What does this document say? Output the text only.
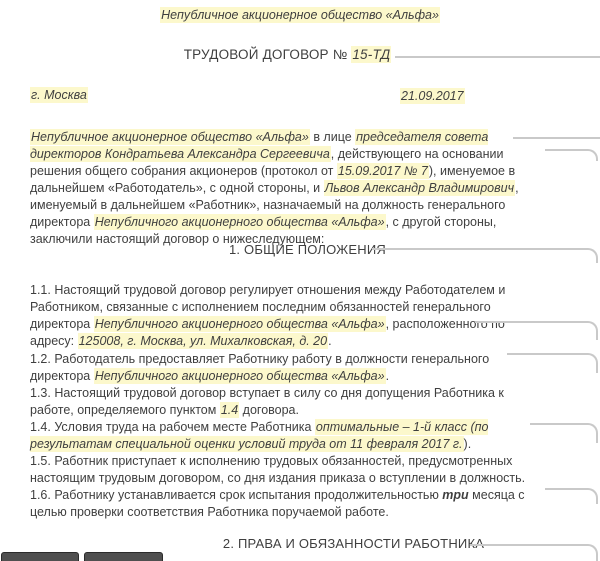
Непубличное акционерное общество «Альфа»
ТРУДОВОЙ ДОГОВОР № 15-ТД
г. Москва	21.09.2017
Непубличное акционерное общество «Альфа» в лице председателя совета директоров Кондратьева Александра Сергеевича, действующего на основании решения общего собрания акционеров (протокол от 15.09.2017 № 7), именуемое в дальнейшем «Работодатель», с одной стороны, и Львов Александр Владимирович, именуемый в дальнейшем «Работник», назначаемый на должность генерального директора Непубличного акционерного общества «Альфа», с другой стороны, заключили настоящий договор о нижеследующем:
1. ОБЩИЕ ПОЛОЖЕНИЯ
1.1. Настоящий трудовой договор регулирует отношения между Работодателем и Работником, связанные с исполнением последним обязанностей генерального директора Непубличного акционерного общества «Альфа», расположенного по адресу: 125008, г. Москва, ул. Михалковская, д. 20.
1.2. Работодатель предоставляет Работнику работу в должности генерального директора Непубличного акционерного общества «Альфа».
1.3. Настоящий трудовой договор вступает в силу со дня допущения Работника к работе, определяемого пунктом 1.4 договора.
1.4. Условия труда на рабочем месте Работника оптимальные – 1-й класс (по результатам специальной оценки условий труда от 11 февраля 2017 г.).
1.5. Работник приступает к исполнению трудовых обязанностей, предусмотренных настоящим трудовым договором, со дня издания приказа о вступлении в должность.
1.6. Работнику устанавливается срок испытания продолжительностью три месяца с целью проверки соответствия Работника поручаемой работе.
2. ПРАВА И ОБЯЗАННОСТИ РАБОТНИКА
